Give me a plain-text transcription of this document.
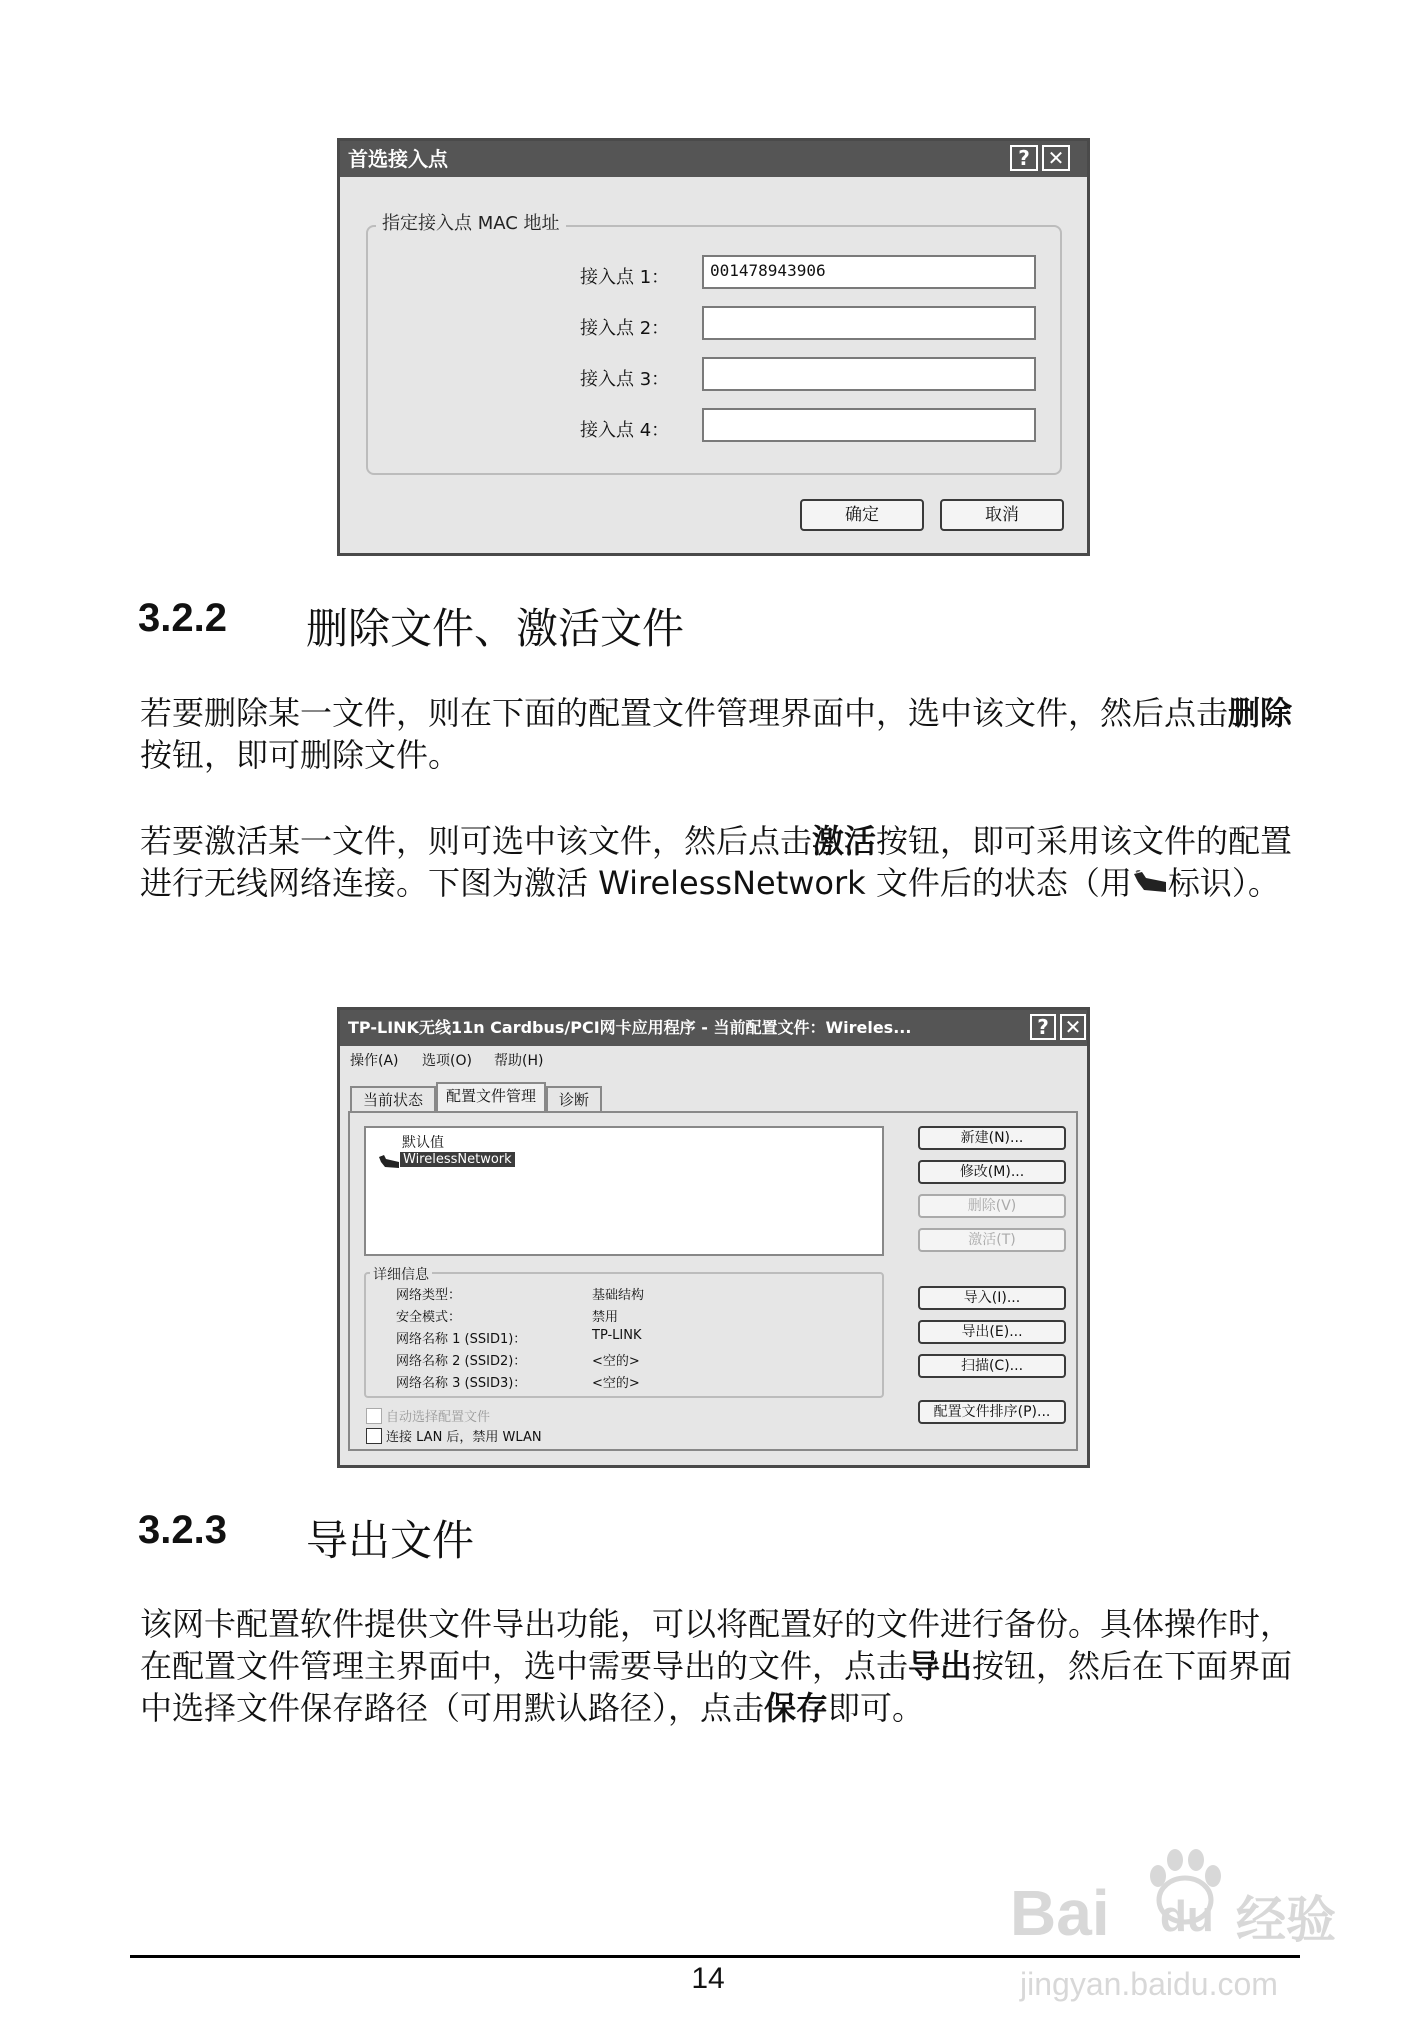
首选接入点	? ✕
指定接入点 MAC 地址
接入点 1：	001478943906
接入点 2：
接入点 3：
接入点 4：
确定	取消
3.2.2 删除文件、激活文件
若要删除某一文件，则在下面的配置文件管理界面中，选中该文件，然后点击删除按钮，即可删除文件。
若要激活某一文件，则可选中该文件，然后点击激活按钮，即可采用该文件的配置进行无线网络连接。下图为激活 WirelessNetwork 文件后的状态（用 标识）。
TP-LINK无线11n Cardbus/PCI网卡应用程序 - 当前配置文件：Wireles...	? ✕
操作(A) 选项(O) 帮助(H)
当前状态	配置文件管理	诊断
默认值
WirelessNetwork
新建(N)...
修改(M)...
删除(V)
激活(T)
详细信息
网络类型：	基础结构
安全模式：	禁用
网络名称 1 (SSID1)：	TP-LINK
网络名称 2 (SSID2)：	<空的>
网络名称 3 (SSID3)：	<空的>
导入(I)...
导出(E)...
扫描(C)...
自动选择配置文件
连接 LAN 后，禁用 WLAN
配置文件排序(P)...
3.2.3 导出文件
该网卡配置软件提供文件导出功能，可以将配置好的文件进行备份。具体操作时，在配置文件管理主界面中，选中需要导出的文件，点击导出按钮，然后在下面界面中选择文件保存路径（可用默认路径），点击保存即可。
14
Bai du 经验
jingyan.baidu.com
